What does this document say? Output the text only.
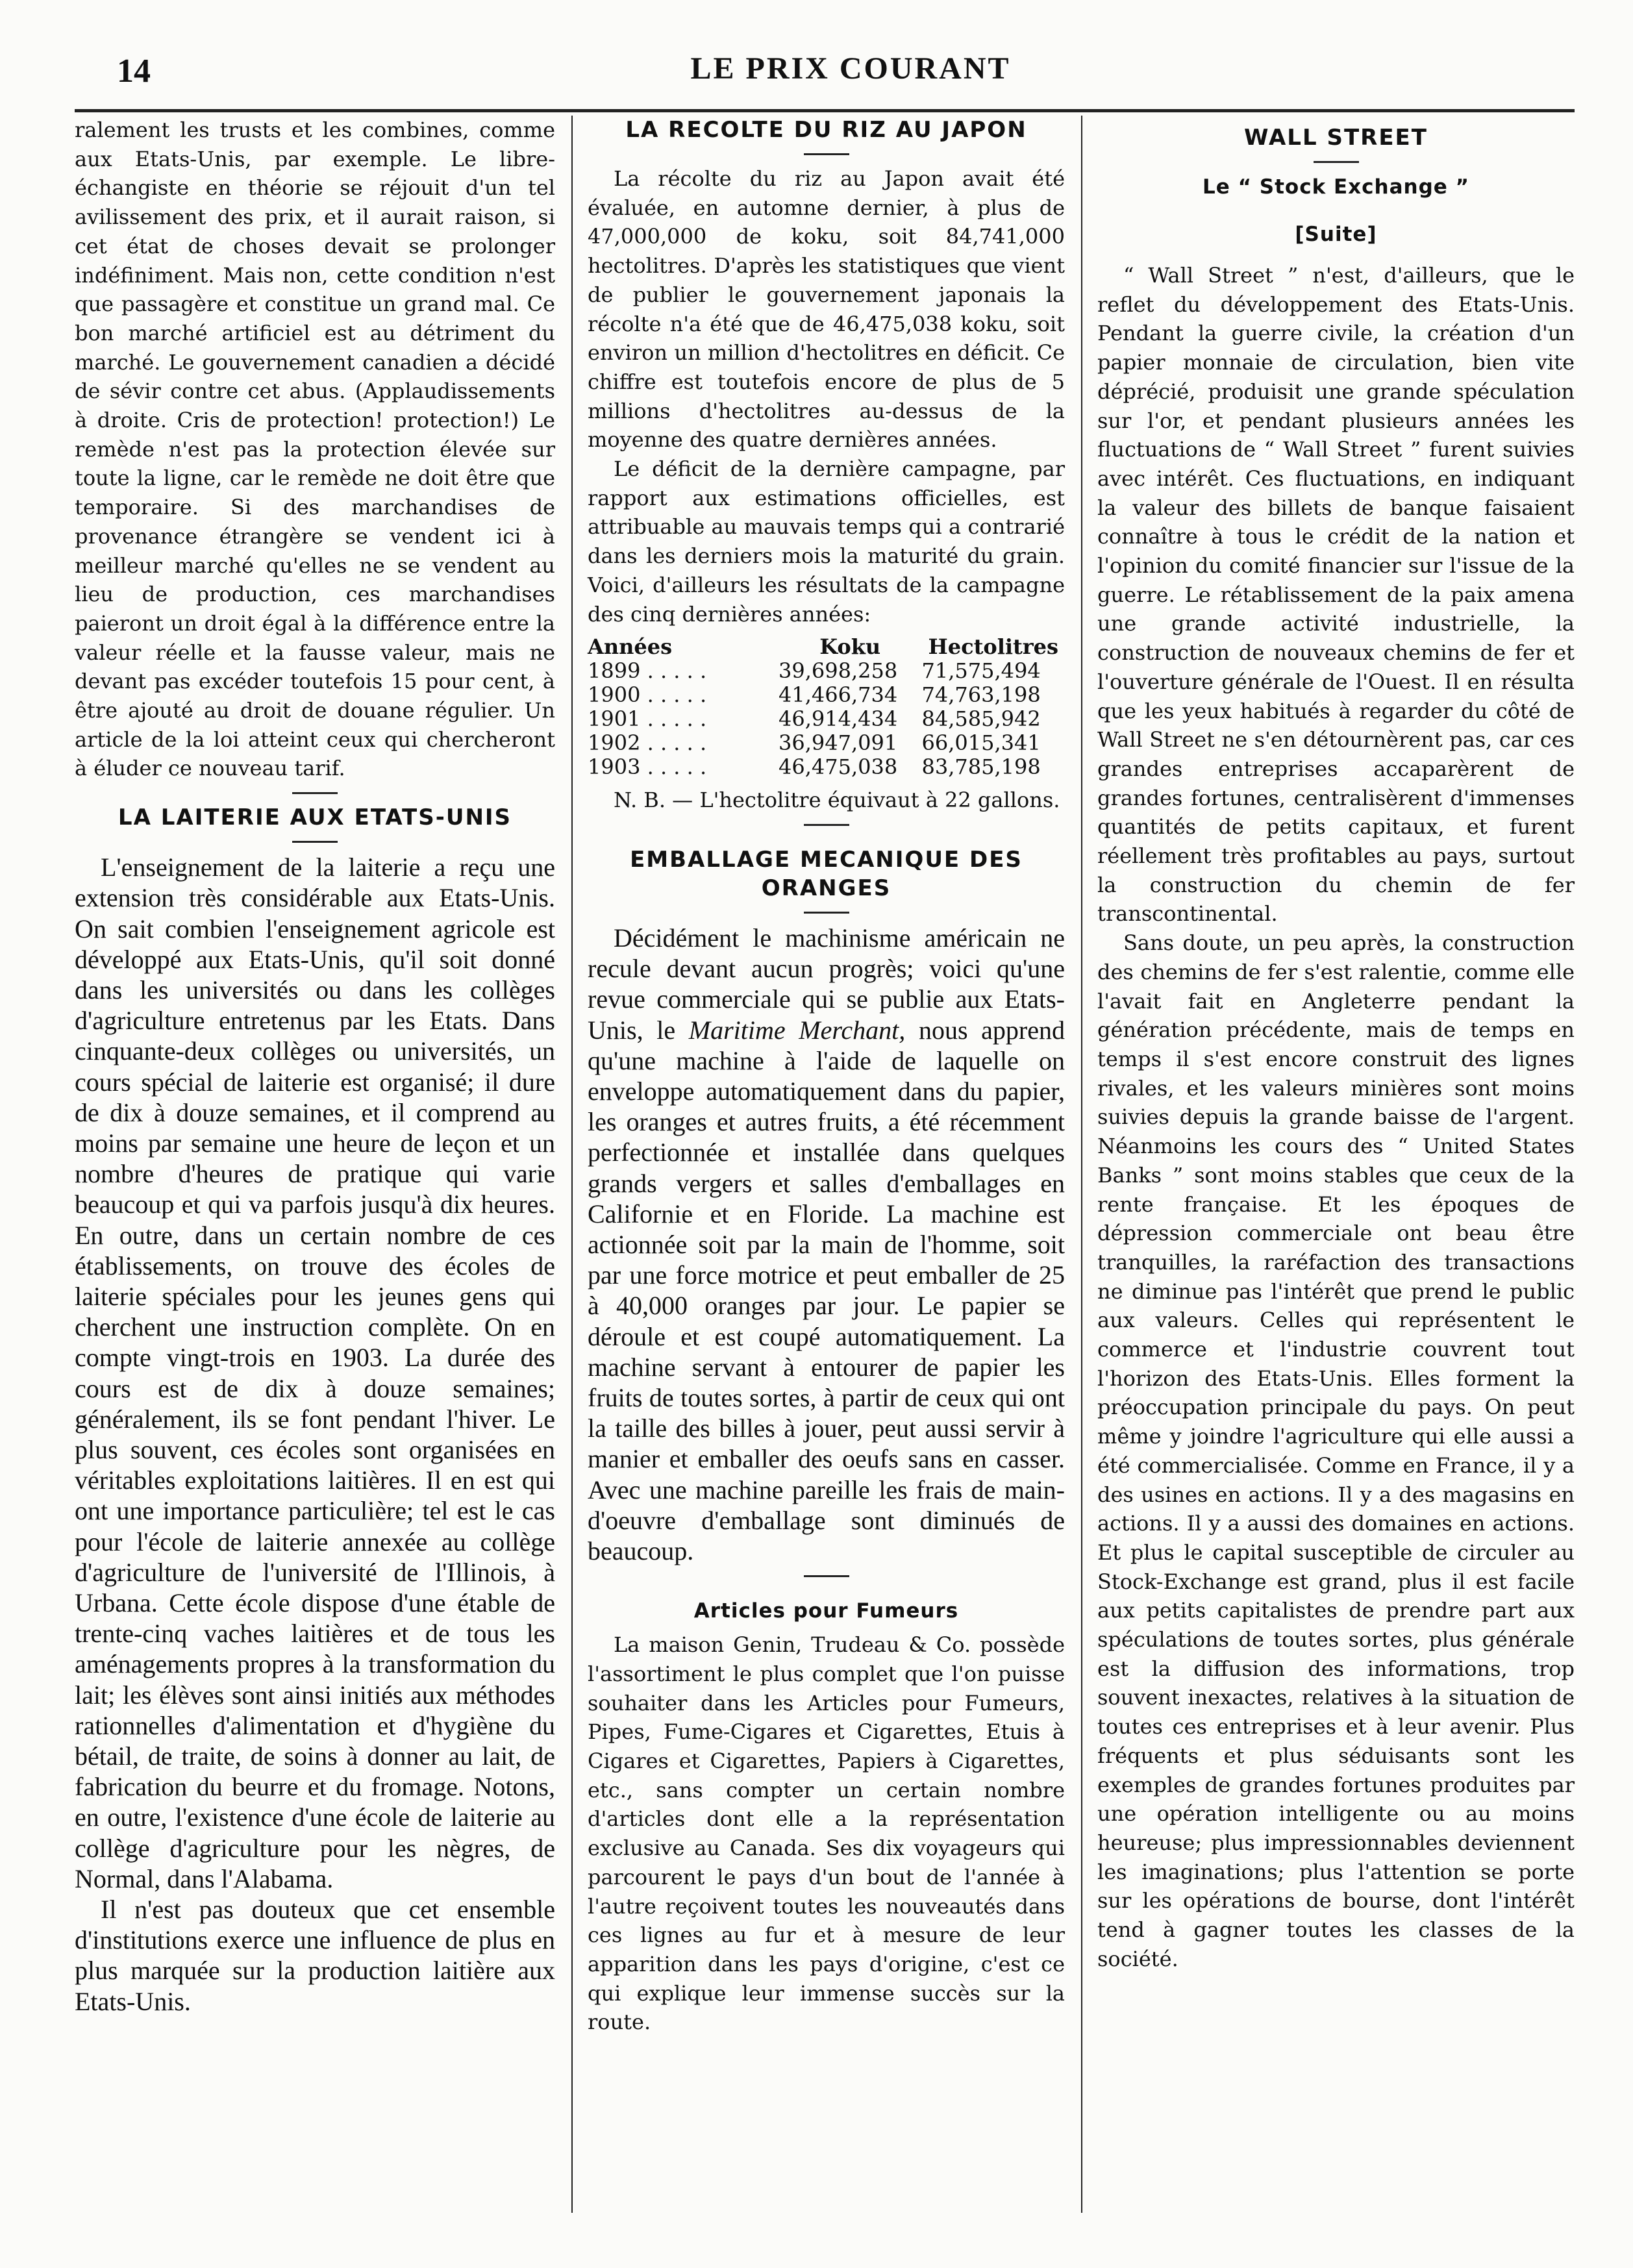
14	LE PRIX COURANT

ralement les trusts et les combines, comme aux Etats-Unis, par exemple. Le libre-échangiste en théorie se réjouit d'un tel avilissement des prix, et il aurait raison, si cet état de choses devait se prolonger indéfiniment. Mais non, cette condition n'est que passagère et constitue un grand mal. Ce bon marché artificiel est au détriment du marché. Le gouvernement canadien a décidé de sévir contre cet abus. (Applaudissements à droite. Cris de protection! protection!) Le remède n'est pas la protection élevée sur toute la ligne, car le remède ne doit être que temporaire. Si des marchandises de provenance étrangère se vendent ici à meilleur marché qu'elles ne se vendent au lieu de production, ces marchandises paieront un droit égal à la différence entre la valeur réelle et la fausse valeur, mais ne devant pas excéder toutefois 15 pour cent, à être ajouté au droit de douane régulier. Un article de la loi atteint ceux qui chercheront à éluder ce nouveau tarif.

LA LAITERIE AUX ETATS-UNIS

L'enseignement de la laiterie a reçu une extension très considérable aux Etats-Unis. On sait combien l'enseignement agricole est développé aux Etats-Unis, qu'il soit donné dans les universités ou dans les collèges d'agriculture entretenus par les Etats. Dans cinquante-deux collèges ou universités, un cours spécial de laiterie est organisé; il dure de dix à douze semaines, et il comprend au moins par semaine une heure de leçon et un nombre d'heures de pratique qui varie beaucoup et qui va parfois jusqu'à dix heures. En outre, dans un certain nombre de ces établissements, on trouve des écoles de laiterie spéciales pour les jeunes gens qui cherchent une instruction complète. On en compte vingt-trois en 1903. La durée des cours est de dix à douze semaines; généralement, ils se font pendant l'hiver. Le plus souvent, ces écoles sont organisées en véritables exploitations laitières. Il en est qui ont une importance particulière; tel est le cas pour l'école de laiterie annexée au collège d'agriculture de l'université de l'Illinois, à Urbana. Cette école dispose d'une étable de trente-cinq vaches laitières et de tous les aménagements propres à la transformation du lait; les élèves sont ainsi initiés aux méthodes rationnelles d'alimentation et d'hygiène du bétail, de traite, de soins à donner au lait, de fabrication du beurre et du fromage. Notons, en outre, l'existence d'une école de laiterie au collège d'agriculture pour les nègres, de Normal, dans l'Alabama.

Il n'est pas douteux que cet ensemble d'institutions exerce une influence de plus en plus marquée sur la production laitière aux Etats-Unis.

LA RECOLTE DU RIZ AU JAPON

La récolte du riz au Japon avait été évaluée, en automne dernier, à plus de 47,000,000 de koku, soit 84,741,000 hectolitres. D'après les statistiques que vient de publier le gouvernement japonais la récolte n'a été que de 46,475,038 koku, soit environ un million d'hectolitres en déficit. Ce chiffre est toutefois encore de plus de 5 millions d'hectolitres au-dessus de la moyenne des quatre dernières années.

Le déficit de la dernière campagne, par rapport aux estimations officielles, est attribuable au mauvais temps qui a contrarié dans les derniers mois la maturité du grain. Voici, d'ailleurs les résultats de la campagne des cinq dernières années:

Années	Koku	Hectolitres
1899 . . . . .	39,698,258	71,575,494
1900 . . . . .	41,466,734	74,763,198
1901 . . . . .	46,914,434	84,585,942
1902 . . . . .	36,947,091	66,015,341
1903 . . . . .	46,475,038	83,785,198

N. B. — L'hectolitre équivaut à 22 gallons.

EMBALLAGE MECANIQUE DES ORANGES

Décidément le machinisme américain ne recule devant aucun progrès; voici qu'une revue commerciale qui se publie aux Etats-Unis, le Maritime Merchant, nous apprend qu'une machine à l'aide de laquelle on enveloppe automatiquement dans du papier, les oranges et autres fruits, a été récemment perfectionnée et installée dans quelques grands vergers et salles d'emballages en Californie et en Floride. La machine est actionnée soit par la main de l'homme, soit par une force motrice et peut emballer de 25 à 40,000 oranges par jour. Le papier se déroule et est coupé automatiquement. La machine servant à entourer de papier les fruits de toutes sortes, à partir de ceux qui ont la taille des billes à jouer, peut aussi servir à manier et emballer des oeufs sans en casser. Avec une machine pareille les frais de main-d'oeuvre d'emballage sont diminués de beaucoup.

Articles pour Fumeurs

La maison Genin, Trudeau & Co. possède l'assortiment le plus complet que l'on puisse souhaiter dans les Articles pour Fumeurs, Pipes, Fume-Cigares et Cigarettes, Etuis à Cigares et Cigarettes, Papiers à Cigarettes, etc., sans compter un certain nombre d'articles dont elle a la représentation exclusive au Canada. Ses dix voyageurs qui parcourent le pays d'un bout de l'année à l'autre reçoivent toutes les nouveautés dans ces lignes au fur et à mesure de leur apparition dans les pays d'origine, c'est ce qui explique leur immense succès sur la route.

WALL STREET
Le “ Stock Exchange ”
[Suite]

“ Wall Street ” n'est, d'ailleurs, que le reflet du développement des Etats-Unis. Pendant la guerre civile, la création d'un papier monnaie de circulation, bien vite déprécié, produisit une grande spéculation sur l'or, et pendant plusieurs années les fluctuations de “ Wall Street ” furent suivies avec intérêt. Ces fluctuations, en indiquant la valeur des billets de banque faisaient connaître à tous le crédit de la nation et l'opinion du comité financier sur l'issue de la guerre. Le rétablissement de la paix amena une grande activité industrielle, la construction de nouveaux chemins de fer et l'ouverture générale de l'Ouest. Il en résulta que les yeux habitués à regarder du côté de Wall Street ne s'en détournèrent pas, car ces grandes entreprises accaparèrent de grandes fortunes, centralisèrent d'immenses quantités de petits capitaux, et furent réellement très profitables au pays, surtout la construction du chemin de fer transcontinental.

Sans doute, un peu après, la construction des chemins de fer s'est ralentie, comme elle l'avait fait en Angleterre pendant la génération précédente, mais de temps en temps il s'est encore construit des lignes rivales, et les valeurs minières sont moins suivies depuis la grande baisse de l'argent. Néanmoins les cours des “ United States Banks ” sont moins stables que ceux de la rente française. Et les époques de dépression commerciale ont beau être tranquilles, la raréfaction des transactions ne diminue pas l'intérêt que prend le public aux valeurs. Celles qui représentent le commerce et l'industrie couvrent tout l'horizon des Etats-Unis. Elles forment la préoccupation principale du pays. On peut même y joindre l'agriculture qui elle aussi a été commercialisée. Comme en France, il y a des usines en actions. Il y a des magasins en actions. Il y a aussi des domaines en actions. Et plus le capital susceptible de circuler au Stock-Exchange est grand, plus il est facile aux petits capitalistes de prendre part aux spéculations de toutes sortes, plus générale est la diffusion des informations, trop souvent inexactes, relatives à la situation de toutes ces entreprises et à leur avenir. Plus fréquents et plus séduisants sont les exemples de grandes fortunes produites par une opération intelligente ou au moins heureuse; plus impressionnables deviennent les imaginations; plus l'attention se porte sur les opérations de bourse, dont l'intérêt tend à gagner toutes les classes de la société.
